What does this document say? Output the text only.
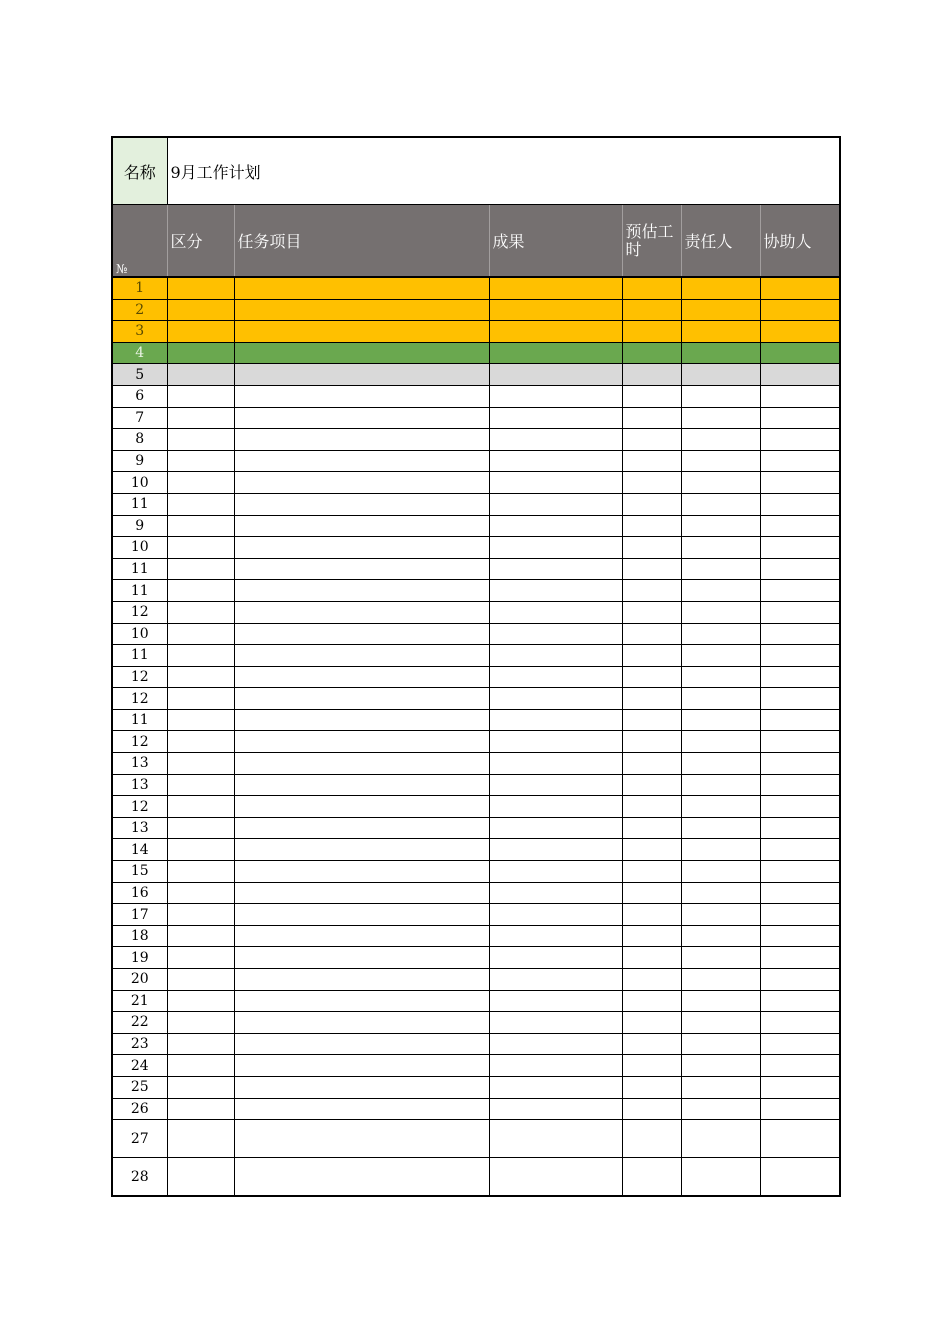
名称	9月工作计划					
№	区分	任务项目	成果	预估工时	责任人	协助人
1						
2						
3						
4						
5						
6						
7						
8						
9						
10						
11						
9						
10						
11						
11						
12						
10						
11						
12						
12						
11						
12						
13						
13						
12						
13						
14						
15						
16						
17						
18						
19						
20						
21						
22						
23						
24						
25						
26						
27						
28						
